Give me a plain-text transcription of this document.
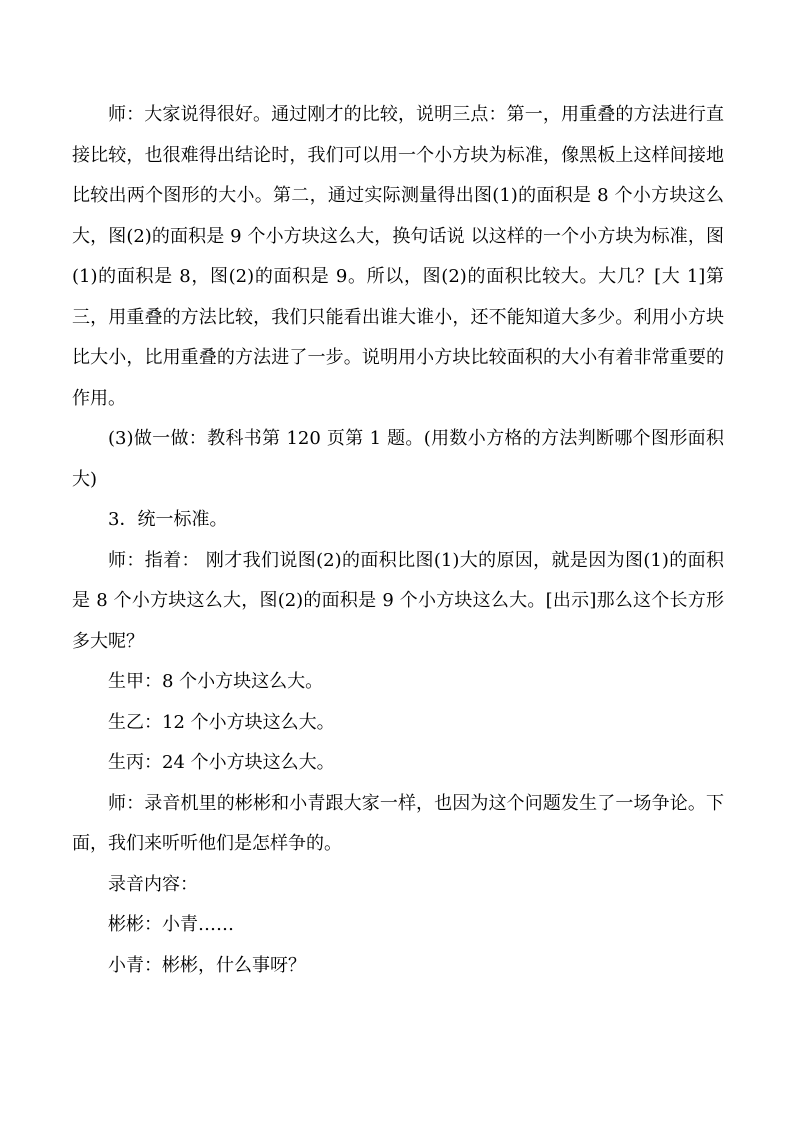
师：大家说得很好。通过刚才的比较，说明三点：第一，用重叠的方法进行直接比较，也很难得出结论时，我们可以用一个小方块为标准，像黑板上这样间接地比较出两个图形的大小。第二，通过实际测量得出图(1)的面积是 8 个小方块这么大，图(2)的面积是 9 个小方块这么大，换句话说 以这样的一个小方块为标准，图(1)的面积是 8，图(2)的面积是 9。所以，图(2)的面积比较大。大几？[大 1]第三，用重叠的方法比较，我们只能看出谁大谁小，还不能知道大多少。利用小方块比大小，比用重叠的方法进了一步。说明用小方块比较面积的大小有着非常重要的作用。

(3)做一做：教科书第 120 页第 1 题。(用数小方格的方法判断哪个图形面积大)

3．统一标准。

师：指着： 刚才我们说图(2)的面积比图(1)大的原因，就是因为图(1)的面积是 8 个小方块这么大，图(2)的面积是 9 个小方块这么大。[出示]那么这个长方形多大呢？

生甲：8 个小方块这么大。

生乙：12 个小方块这么大。

生丙：24 个小方块这么大。

师：录音机里的彬彬和小青跟大家一样，也因为这个问题发生了一场争论。下面，我们来听听他们是怎样争的。

录音内容：

彬彬：小青……

小青：彬彬，什么事呀？
